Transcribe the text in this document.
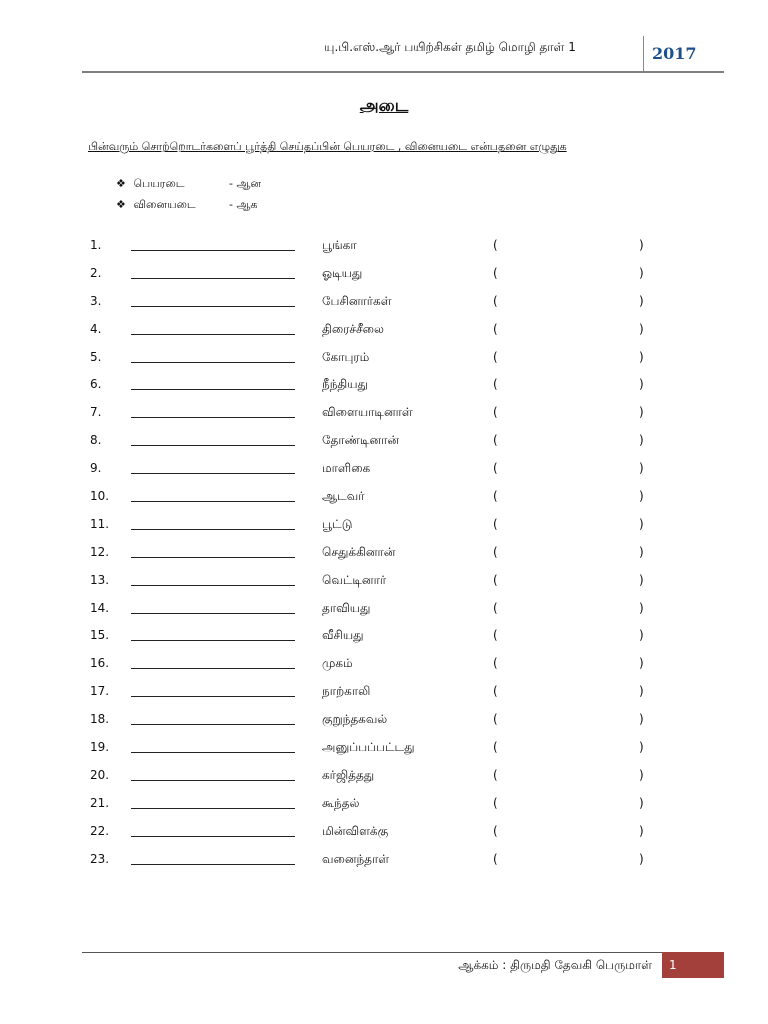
யு.பி.எஸ்.ஆர் பயிற்சிகள் தமிழ் மொழி தாள் 1	2017
அடை
பின்வரும் சொற்றொடர்களைப் பூர்த்தி செய்தப்பின் பெயரடை , வினையடை என்பதனை எழுதுக
❖ பெயரடை	- ஆன
❖ வினையடை	- ஆக
1.	பூங்கா	(	)
2.	ஓடியது	(	)
3.	பேசினார்கள்	(	)
4.	திரைச்சீலை	(	)
5.	கோபுரம்	(	)
6.	நீந்தியது	(	)
7.	விளையாடினாள்	(	)
8.	தோண்டினான்	(	)
9.	மாளிகை	(	)
10.	ஆடவர்	(	)
11.	பூட்டு	(	)
12.	செதுக்கினான்	(	)
13.	வெட்டினார்	(	)
14.	தாவியது	(	)
15.	வீசியது	(	)
16.	முகம்	(	)
17.	நாற்காலி	(	)
18.	குறுந்தகவல்	(	)
19.	அனுப்பப்பட்டது	(	)
20.	கர்ஜித்தது	(	)
21.	கூந்தல்	(	)
22.	மின்விளக்கு	(	)
23.	வனைந்தாள்	(	)
ஆக்கம் : திருமதி தேவகி பெருமாள் 1
